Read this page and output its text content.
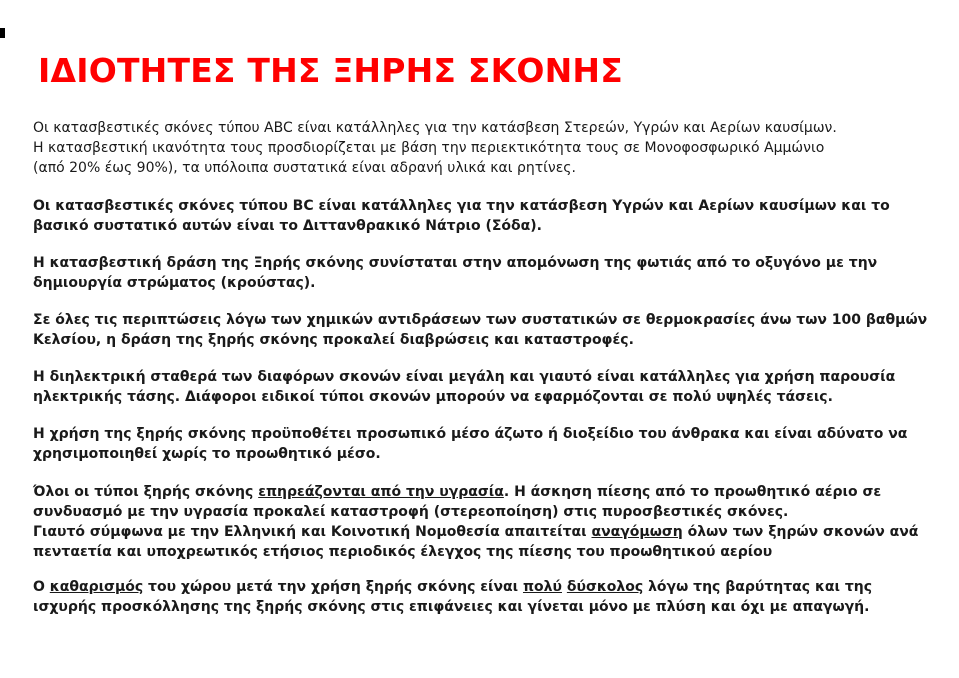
ΙΔΙΟΤΗΤΕΣ ΤΗΣ ΞΗΡΗΣ ΣΚΟΝΗΣ
Οι κατασβεστικές σκόνες τύπου ABC είναι κατάλληλες για την κατάσβεση Στερεών, Υγρών και Αερίων καυσίμων.
Η κατασβεστική ικανότητα τους προσδιορίζεται με βάση την περιεκτικότητα τους σε Μονοφοσφωρικό Αμμώνιο
(από 20% έως 90%), τα υπόλοιπα συστατικά είναι αδρανή υλικά και ρητίνες.
Οι κατασβεστικές σκόνες τύπου BC είναι κατάλληλες για την κατάσβεση Υγρών και Αερίων καυσίμων και το
βασικό συστατικό αυτών είναι το Διττανθρακικό Νάτριο (Σόδα).
Η κατασβεστική δράση της Ξηρής σκόνης συνίσταται στην απομόνωση της φωτιάς από το οξυγόνο με την
δημιουργία στρώματος (κρούστας).
Σε όλες τις περιπτώσεις λόγω των χημικών αντιδράσεων των συστατικών σε θερμοκρασίες άνω των 100 βαθμών
Κελσίου, η δράση της ξηρής σκόνης προκαλεί διαβρώσεις και καταστροφές.
Η διηλεκτρική σταθερά των διαφόρων σκονών είναι μεγάλη και γιαυτό είναι κατάλληλες για χρήση παρουσία
ηλεκτρικής τάσης. Διάφοροι ειδικοί τύποι σκονών μπορούν να εφαρμόζονται σε πολύ υψηλές τάσεις.
Η χρήση της ξηρής σκόνης προϋποθέτει προσωπικό μέσο άζωτο ή διοξείδιο του άνθρακα και είναι αδύνατο να
χρησιμοποιηθεί χωρίς το προωθητικό μέσο.
Όλοι οι τύποι ξηρής σκόνης επηρεάζονται από την υγρασία. Η άσκηση πίεσης από το προωθητικό αέριο σε
συνδυασμό με την υγρασία προκαλεί καταστροφή (στερεοποίηση) στις πυροσβεστικές σκόνες.
Γιαυτό σύμφωνα με την Ελληνική και Κοινοτική Νομοθεσία απαιτείται αναγόμωση όλων των ξηρών σκονών ανά
πενταετία και υποχρεωτικός ετήσιος περιοδικός έλεγχος της πίεσης του προωθητικού αερίου
Ο καθαρισμός του χώρου μετά την χρήση ξηρής σκόνης είναι πολύ δύσκολος λόγω της βαρύτητας και της
ισχυρής προσκόλλησης της ξηρής σκόνης στις επιφάνειες και γίνεται μόνο με πλύση και όχι με απαγωγή.
